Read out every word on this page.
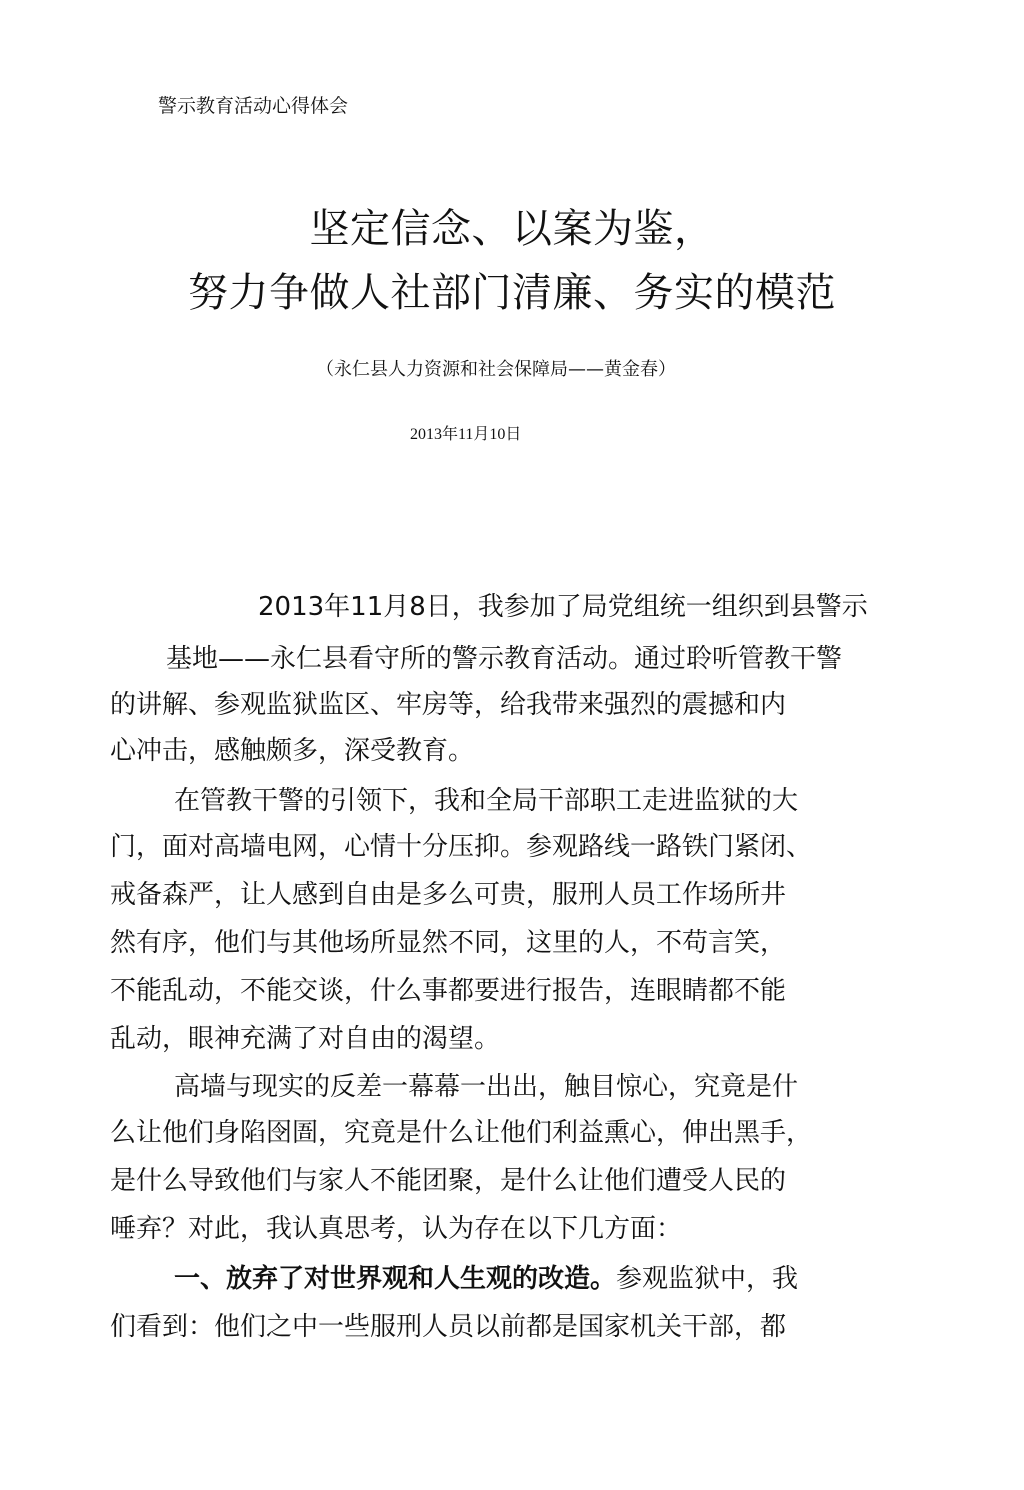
警示教育活动心得体会
坚定信念、以案为鉴，
努力争做人社部门清廉、务实的模范
（永仁县人力资源和社会保障局——黄金春）
2013年11月10日
2013年11月8日，我参加了局党组统一组织到县警示
基地——永仁县看守所的警示教育活动。通过聆听管教干警
的讲解、参观监狱监区、牢房等，给我带来强烈的震撼和内
心冲击，感触颇多，深受教育。
在管教干警的引领下，我和全局干部职工走进监狱的大
门，面对高墙电网，心情十分压抑。参观路线一路铁门紧闭、
戒备森严，让人感到自由是多么可贵，服刑人员工作场所井
然有序，他们与其他场所显然不同，这里的人，不苟言笑，
不能乱动，不能交谈，什么事都要进行报告，连眼睛都不能
乱动，眼神充满了对自由的渴望。
高墙与现实的反差一幕幕一出出，触目惊心，究竟是什
么让他们身陷囹圄，究竟是什么让他们利益熏心，伸出黑手，
是什么导致他们与家人不能团聚，是什么让他们遭受人民的
唾弃？对此，我认真思考，认为存在以下几方面：
一、放弃了对世界观和人生观的改造。参观监狱中，我
们看到：他们之中一些服刑人员以前都是国家机关干部，都
